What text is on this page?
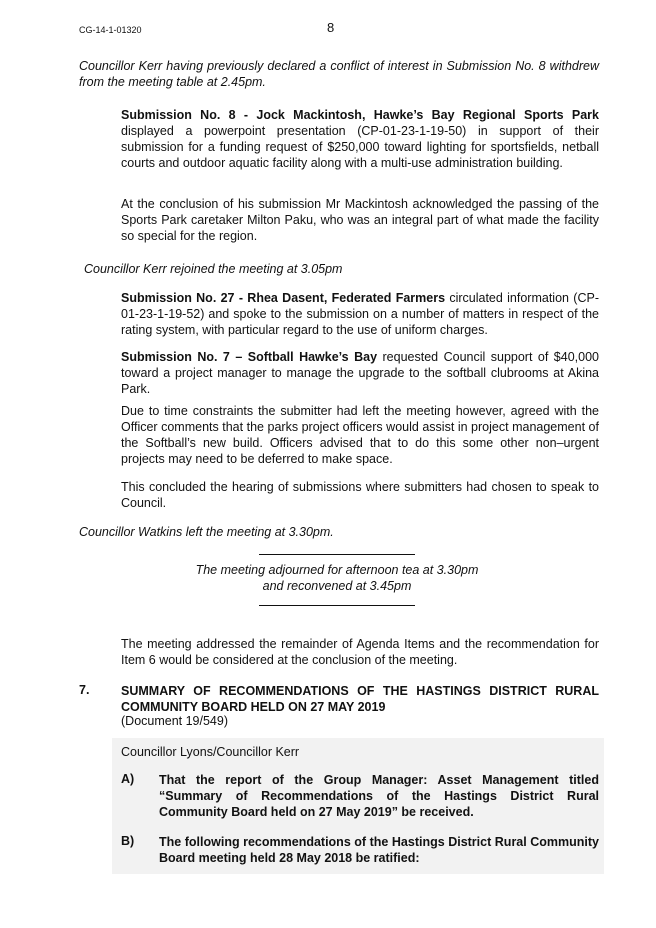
CG-14-1-01320	8
Councillor Kerr having previously declared a conflict of interest in Submission No. 8 withdrew from the meeting table at 2.45pm.
Submission No. 8 - Jock Mackintosh, Hawke’s Bay Regional Sports Park displayed a powerpoint presentation (CP-01-23-1-19-50) in support of their submission for a funding request of $250,000 toward lighting for sportsfields, netball courts and outdoor aquatic facility along with a multi-use administration building.
At the conclusion of his submission Mr Mackintosh acknowledged the passing of the Sports Park caretaker Milton Paku, who was an integral part of what made the facility so special for the region.
Councillor Kerr rejoined the meeting at 3.05pm
Submission No. 27 - Rhea Dasent, Federated Farmers circulated information (CP-01-23-1-19-52) and spoke to the submission on a number of matters in respect of the rating system, with particular regard to the use of uniform charges.
Submission No. 7 – Softball Hawke’s Bay requested Council support of $40,000 toward a project manager to manage the upgrade to the softball clubrooms at Akina Park.
Due to time constraints the submitter had left the meeting however, agreed with the Officer comments that the parks project officers would assist in project management of the Softball’s new build. Officers advised that to do this some other non–urgent projects may need to be deferred to make space.
This concluded the hearing of submissions where submitters had chosen to speak to Council.
Councillor Watkins left the meeting at 3.30pm.
The meeting adjourned for afternoon tea at 3.30pm
and reconvened at 3.45pm
The meeting addressed the remainder of Agenda Items and the recommendation for Item 6 would be considered at the conclusion of the meeting.
7.	SUMMARY OF RECOMMENDATIONS OF THE HASTINGS DISTRICT RURAL COMMUNITY BOARD HELD ON 27 MAY 2019
(Document 19/549)
Councillor Lyons/Councillor Kerr
A) That the report of the Group Manager: Asset Management titled “Summary of Recommendations of the Hastings District Rural Community Board held on 27 May 2019” be received.
B) The following recommendations of the Hastings District Rural Community Board meeting held 28 May 2018 be ratified:
